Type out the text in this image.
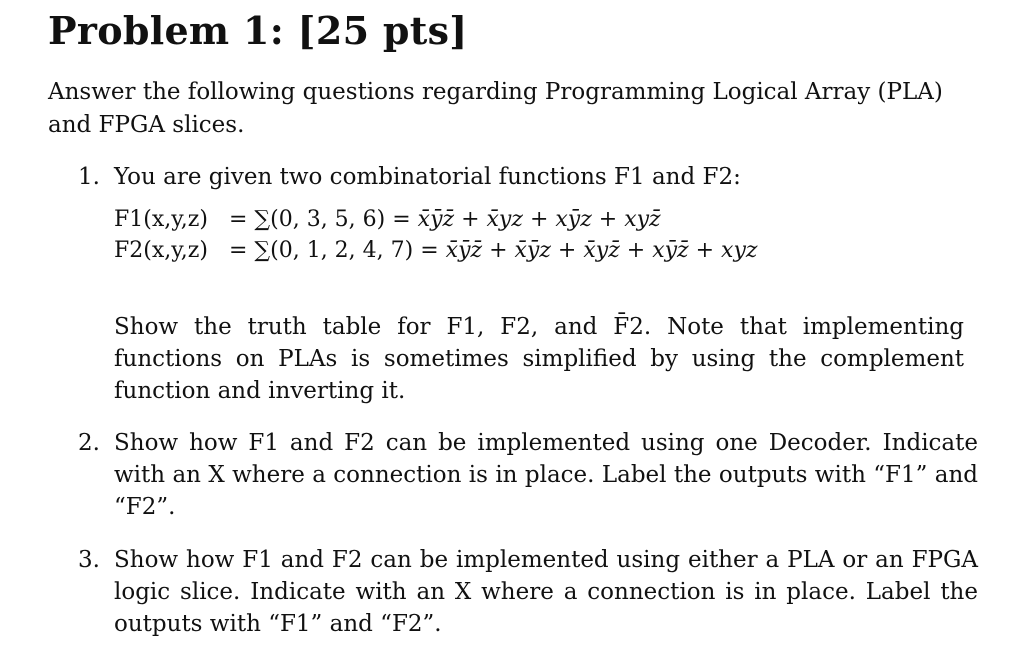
Problem 1: [25 pts]
Answer the following questions regarding Programming Logical Array (PLA) and FPGA slices.
1. You are given two combinatorial functions F1 and F2:
F1(x,y,z) = ∑(0, 3, 5, 6) = x̄ȳz̄ + x̄yz + xȳz + xyz̄
F2(x,y,z) = ∑(0, 1, 2, 4, 7) = x̄ȳz̄ + x̄ȳz + x̄yz̄ + xȳz̄ + xyz
Show the truth table for F1, F2, and F̄2. Note that implementing functions on PLAs is sometimes simplified by using the complement function and inverting it.
2. Show how F1 and F2 can be implemented using one Decoder. Indicate with an X where a connection is in place. Label the outputs with “F1” and “F2”.
3. Show how F1 and F2 can be implemented using either a PLA or an FPGA logic slice. Indicate with an X where a connection is in place. Label the outputs with “F1” and “F2”.
